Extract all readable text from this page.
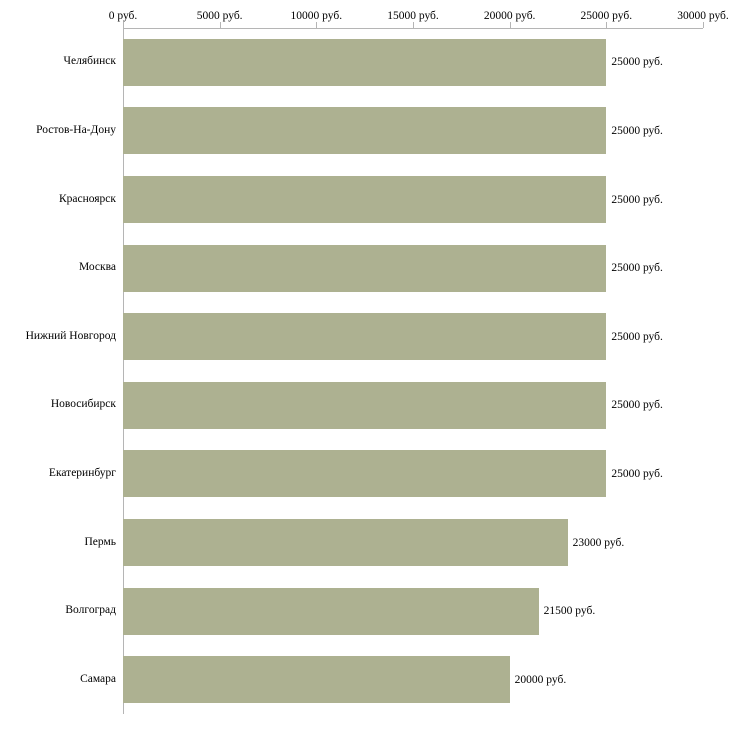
0 руб.	5000 руб.	10000 руб.	15000 руб.	20000 руб.	25000 руб.	30000 руб.
Челябинск	25000 руб.
Ростов-На-Дону	25000 руб.
Красноярск	25000 руб.
Москва	25000 руб.
Нижний Новгород	25000 руб.
Новосибирск	25000 руб.
Екатеринбург	25000 руб.
Пермь	23000 руб.
Волгоград	21500 руб.
Самара	20000 руб.
